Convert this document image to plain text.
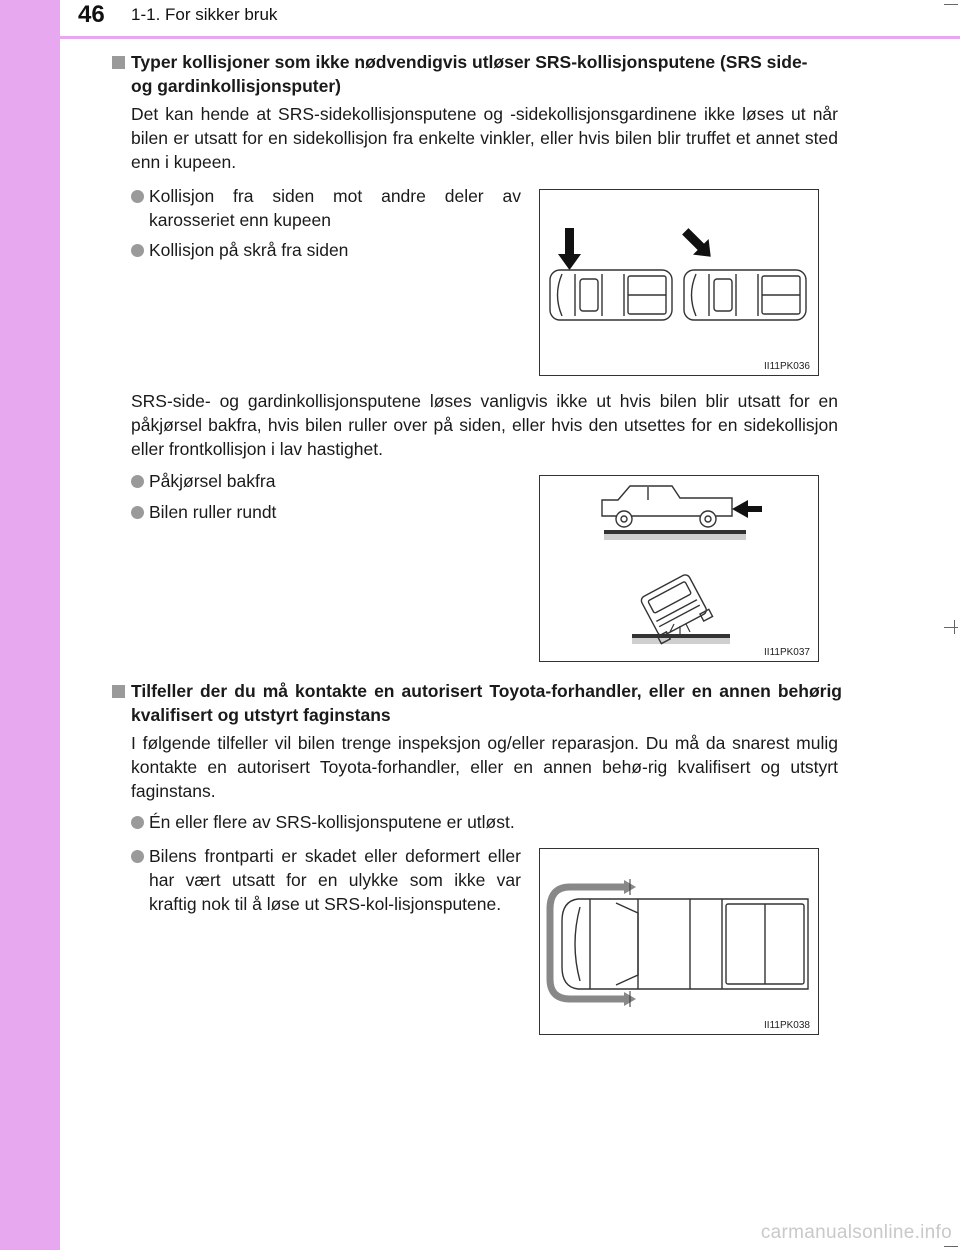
46 1-1. For sikker bruk
Typer kollisjoner som ikke nødvendigvis utløser SRS-kollisjonsputene (SRS side- og gardinkollisjonsputer)
Det kan hende at SRS-sidekollisjonsputene og -sidekollisjonsgardinene ikke løses ut når bilen er utsatt for en sidekollisjon fra enkelte vinkler, eller hvis bilen blir truffet et annet sted enn i kupeen.
Kollisjon fra siden mot andre deler av karosseriet enn kupeen
Kollisjon på skrå fra siden
II11PK036
SRS-side- og gardinkollisjonsputene løses vanligvis ikke ut hvis bilen blir utsatt for en påkjørsel bakfra, hvis bilen ruller over på siden, eller hvis den utsettes for en sidekollisjon eller frontkollisjon i lav hastighet.
Påkjørsel bakfra
Bilen ruller rundt
II11PK037
Tilfeller der du må kontakte en autorisert Toyota-forhandler, eller en annen behørig kvalifisert og utstyrt faginstans
I følgende tilfeller vil bilen trenge inspeksjon og/eller reparasjon. Du må da snarest mulig kontakte en autorisert Toyota-forhandler, eller en annen behø-rig kvalifisert og utstyrt faginstans.
Én eller flere av SRS-kollisjonsputene er utløst.
Bilens frontparti er skadet eller deformert eller har vært utsatt for en ulykke som ikke var kraftig nok til å løse ut SRS-kol-lisjonsputene.
II11PK038
carmanualsonline.info
